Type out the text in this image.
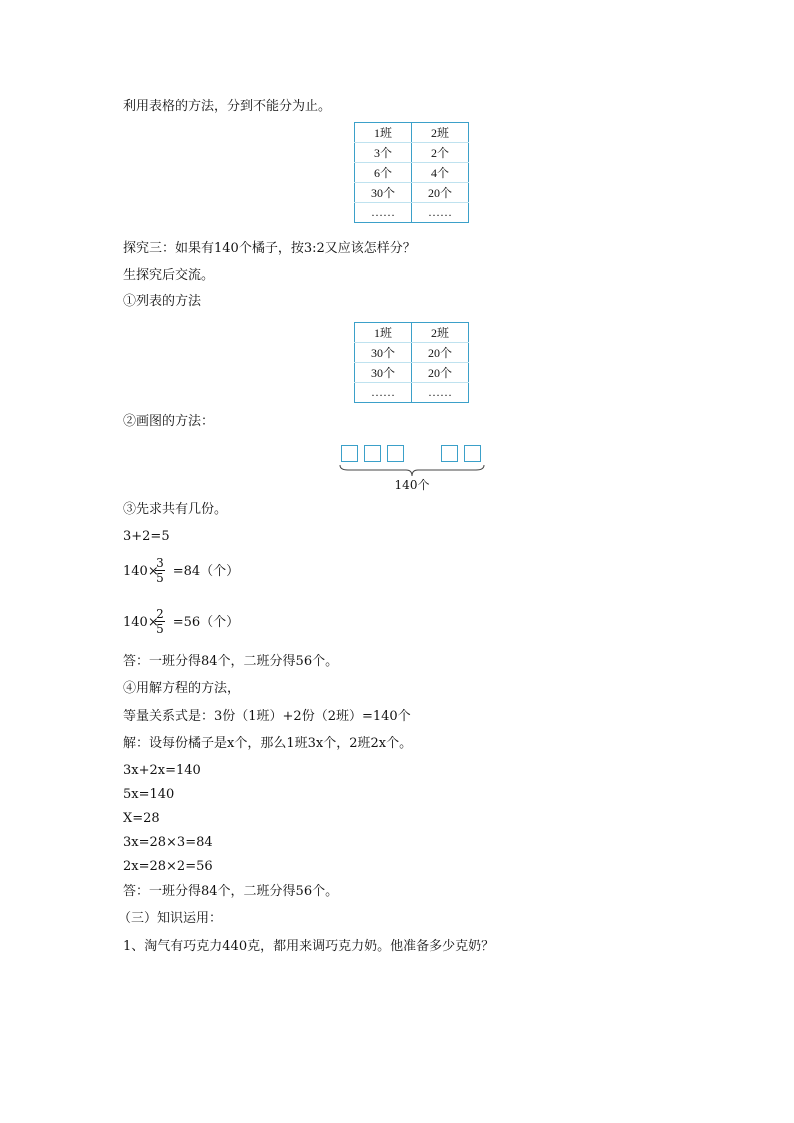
利用表格的方法，分到不能分为止。
1班	2班
3个	2个
6个	4个
30个	20个
……	……
探究三：如果有140个橘子，按3:2又应该怎样分？
生探究后交流。
①列表的方法
1班	2班
30个	20个
30个	20个
……	……
②画图的方法：
140个
③先求共有几份。
3+2=5
140× =84（个）
$\frac{3}{5}$
140× =56（个）
$\frac{2}{5}$
答：一班分得84个，二班分得56个。
④用解方程的方法，
等量关系式是：3份（1班）+2份（2班）=140个
解：设每份橘子是x个，那么1班3x个，2班2x个。
3x+2x=140
5x=140
X=28
3x=28×3=84
2x=28×2=56
答：一班分得84个，二班分得56个。
（三）知识运用：
1、淘气有巧克力440克，都用来调巧克力奶。他准备多少克奶？
